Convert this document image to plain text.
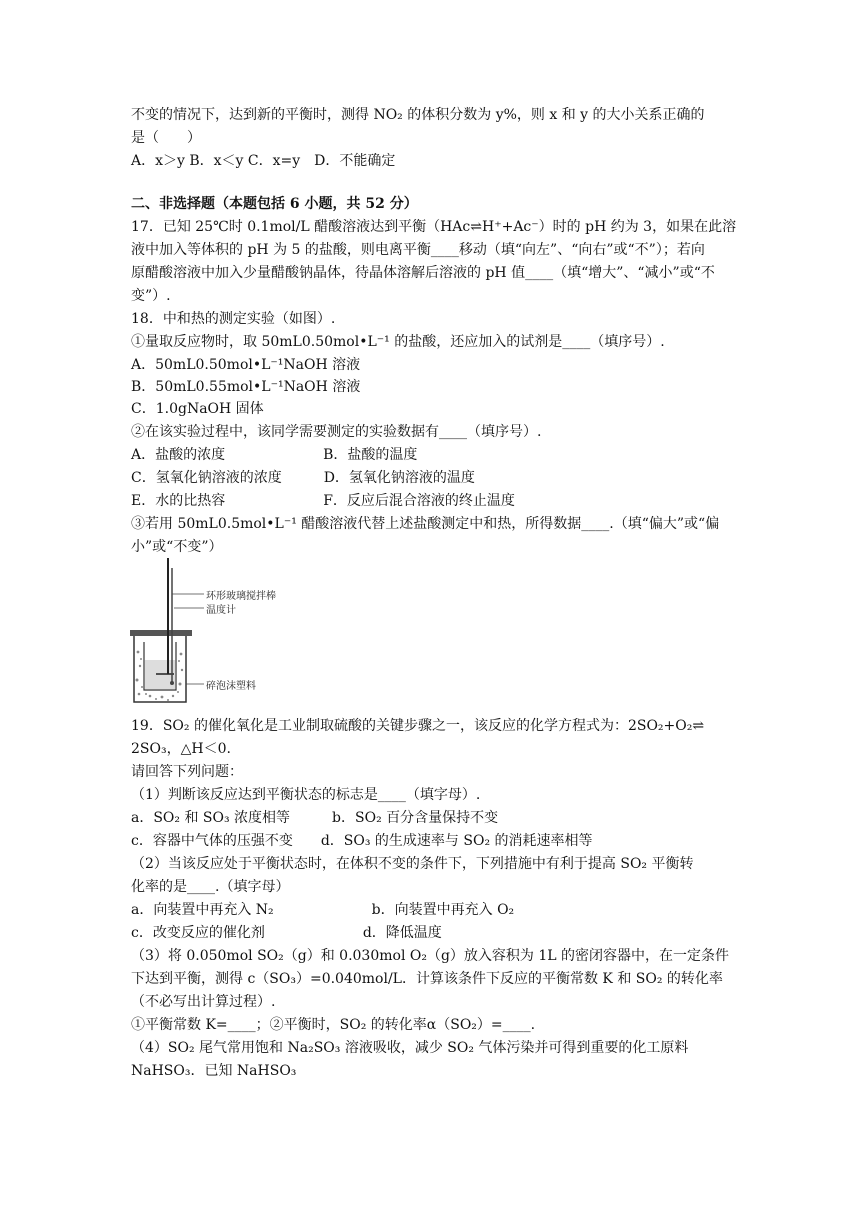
不变的情况下，达到新的平衡时，测得 NO₂ 的体积分数为 y%，则 x 和 y 的大小关系正确的
是（　　）
A．x＞y B．x＜y C．x=y　D．不能确定
二、非选择题（本题包括 6 小题，共 52 分）
17．已知 25℃时 0.1mol/L 醋酸溶液达到平衡（HAc⇌H⁺+Ac⁻）时的 pH 约为 3，如果在此溶
液中加入等体积的 pH 为 5 的盐酸，则电离平衡____移动（填“向左”、“向右”或“不”）；若向
原醋酸溶液中加入少量醋酸钠晶体，待晶体溶解后溶液的 pH 值____（填“增大”、“减小”或“不
变”）.
18．中和热的测定实验（如图）.
①量取反应物时，取 50mL0.50mol•L⁻¹ 的盐酸，还应加入的试剂是____（填序号）.
A．50mL0.50mol•L⁻¹NaOH 溶液
B．50mL0.55mol•L⁻¹NaOH 溶液
C．1.0gNaOH 固体
②在该实验过程中，该同学需要测定的实验数据有____（填序号）.
A．盐酸的浓度　　　　　　　B．盐酸的温度
C．氢氧化钠溶液的浓度　　　D．氢氧化钠溶液的温度
E．水的比热容　　　　　　　F．反应后混合溶液的终止温度
③若用 50mL0.5mol•L⁻¹ 醋酸溶液代替上述盐酸测定中和热，所得数据____.（填“偏大”或“偏
小”或“不变”）
19．SO₂ 的催化氧化是工业制取硫酸的关键步骤之一，该反应的化学方程式为：2SO₂+O₂⇌
2SO₃，△H＜0.
请回答下列问题：
（1）判断该反应达到平衡状态的标志是____（填字母）.
a．SO₂ 和 SO₃ 浓度相等　　　b．SO₂ 百分含量保持不变
c．容器中气体的压强不变　　d．SO₃ 的生成速率与 SO₂ 的消耗速率相等
（2）当该反应处于平衡状态时，在体积不变的条件下，下列措施中有利于提高 SO₂ 平衡转
化率的是____.（填字母）
a．向装置中再充入 N₂　　　　　　　b．向装置中再充入 O₂
c．改变反应的催化剂　　　　　　　d．降低温度
（3）将 0.050mol SO₂（g）和 0.030mol O₂（g）放入容积为 1L 的密闭容器中，在一定条件
下达到平衡，测得 c（SO₃）=0.040mol/L．计算该条件下反应的平衡常数 K 和 SO₂ 的转化率
（不必写出计算过程）.
①平衡常数 K=____；②平衡时，SO₂ 的转化率α（SO₂）=____.
（4）SO₂ 尾气常用饱和 Na₂SO₃ 溶液吸收，减少 SO₂ 气体污染并可得到重要的化工原料
NaHSO₃．已知 NaHSO₃
环形玻璃搅拌棒
温度计
碎泡沫塑料
